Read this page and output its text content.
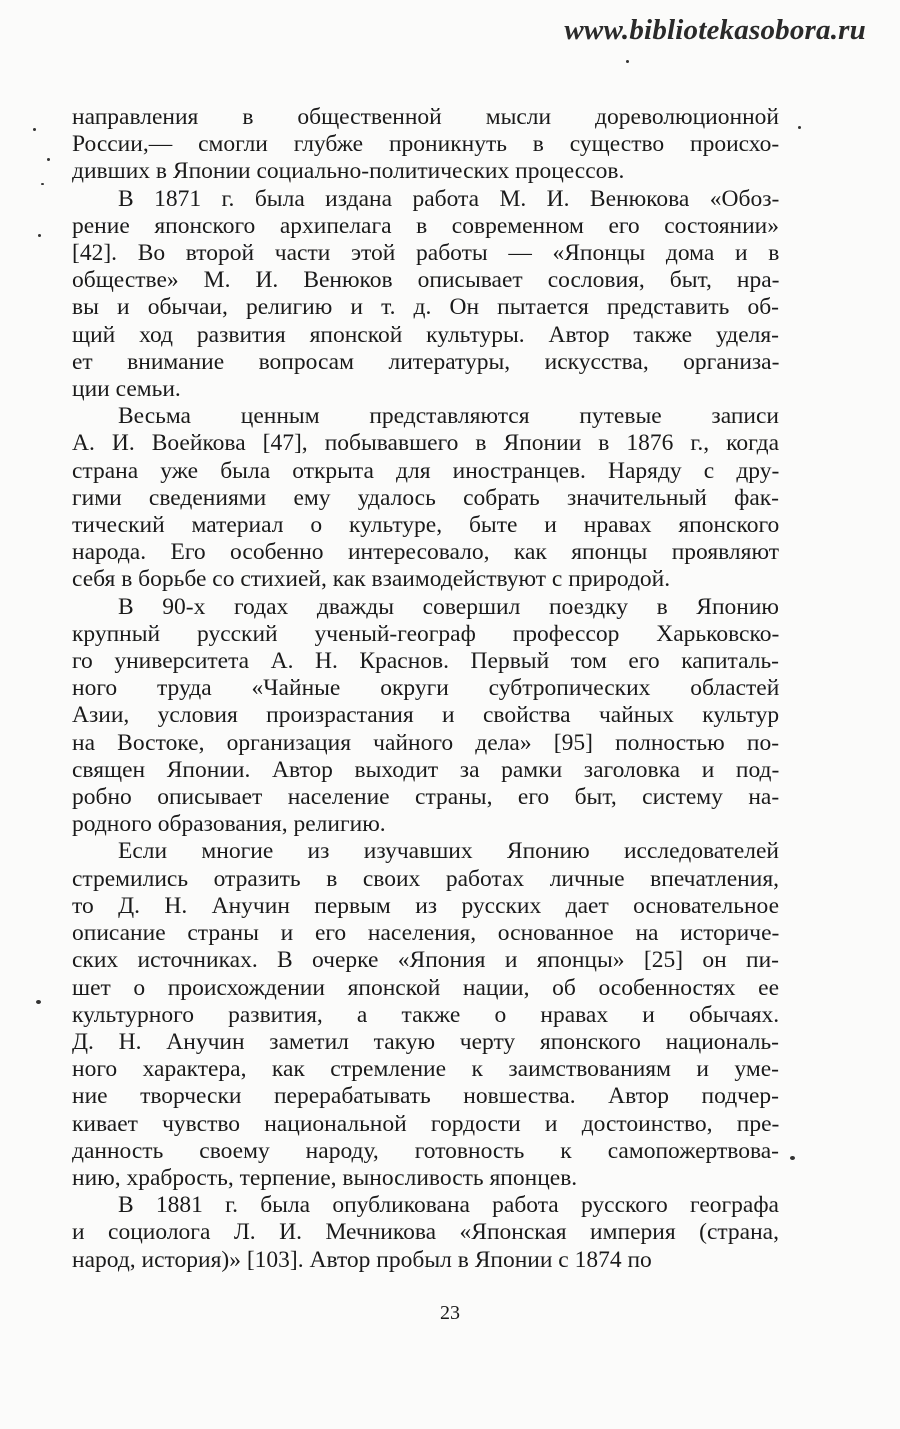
www.bibliotekasobora.ru
направления в общественной мысли дореволюционной
России,— смогли глубже проникнуть в существо происхо-
дивших в Японии социально-политических процессов.
В 1871 г. была издана работа М. И. Венюкова «Обоз-
рение японского архипелага в современном его состоянии»
[42]. Во второй части этой работы — «Японцы дома и в
обществе» М. И. Венюков описывает сословия, быт, нра-
вы и обычаи, религию и т. д. Он пытается представить об-
щий ход развития японской культуры. Автор также уделя-
ет внимание вопросам литературы, искусства, организа-
ции семьи.
Весьма ценным представляются путевые записи
А. И. Воейкова [47], побывавшего в Японии в 1876 г., когда
страна уже была открыта для иностранцев. Наряду с дру-
гими сведениями ему удалось собрать значительный фак-
тический материал о культуре, быте и нравах японского
народа. Его особенно интересовало, как японцы проявляют
себя в борьбе со стихией, как взаимодействуют с природой.
В 90-х годах дважды совершил поездку в Японию
крупный русский ученый-географ профессор Харьковско-
го университета А. Н. Краснов. Первый том его капиталь-
ного труда «Чайные округи субтропических областей
Азии, условия произрастания и свойства чайных культур
на Востоке, организация чайного дела» [95] полностью по-
священ Японии. Автор выходит за рамки заголовка и под-
робно описывает население страны, его быт, систему на-
родного образования, религию.
Если многие из изучавших Японию исследователей
стремились отразить в своих работах личные впечатления,
то Д. Н. Анучин первым из русских дает основательное
описание страны и его населения, основанное на историче-
ских источниках. В очерке «Япония и японцы» [25] он пи-
шет о происхождении японской нации, об особенностях ее
культурного развития, а также о нравах и обычаях.
Д. Н. Анучин заметил такую черту японского националь-
ного характера, как стремление к заимствованиям и уме-
ние творчески перерабатывать новшества. Автор подчер-
кивает чувство национальной гордости и достоинство, пре-
данность своему народу, готовность к самопожертвова-
нию, храбрость, терпение, выносливость японцев.
В 1881 г. была опубликована работа русского географа
и социолога Л. И. Мечникова «Японская империя (страна,
народ, история)» [103]. Автор пробыл в Японии с 1874 по
23
